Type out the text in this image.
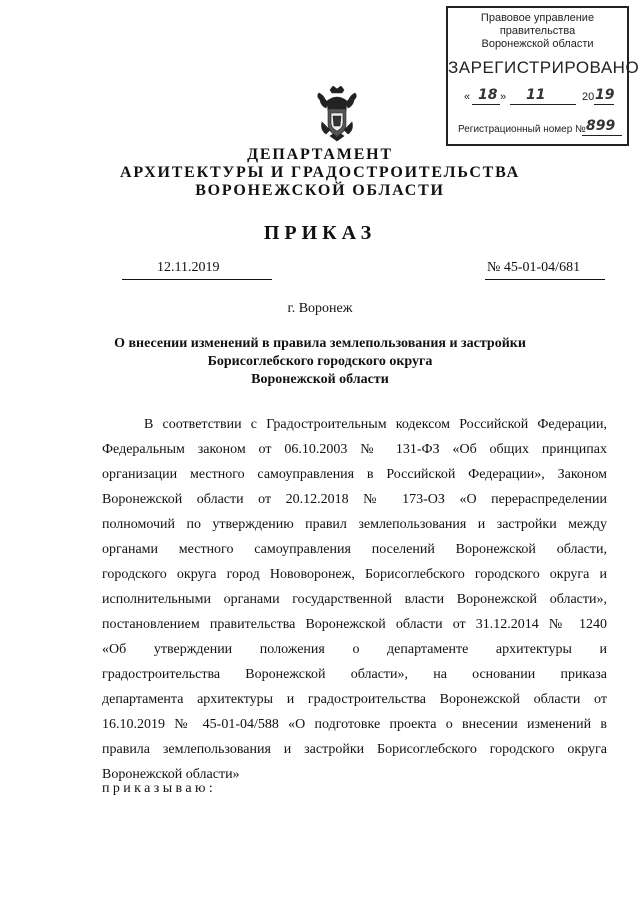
Правовое управление правительства
Воронежской области
ЗАРЕГИСТРИРОВАНО
« 18 » 11	20 19
Регистрационный номер № 899
ДЕПАРТАМЕНТ
АРХИТЕКТУРЫ И ГРАДОСТРОИТЕЛЬСТВА
ВОРОНЕЖСКОЙ ОБЛАСТИ
ПРИКАЗ
12.11.2019	№ 45-01-04/681
г. Воронеж
О внесении изменений в правила землепользования и застройки
Борисоглебского городского округа
Воронежской области
В соответствии с Градостроительным кодексом Российской Федерации,
Федеральным законом от 06.10.2003 № 131-ФЗ «Об общих принципах
организации местного самоуправления в Российской Федерации», Законом
Воронежской области от 20.12.2018 № 173-ОЗ «О перераспределении
полномочий по утверждению правил землепользования и застройки между
органами местного самоуправления поселений Воронежской области,
городского округа город Нововоронеж, Борисоглебского городского округа и
исполнительными органами государственной власти Воронежской области»,
постановлением правительства Воронежской области от 31.12.2014 № 1240
«Об утверждении положения о департаменте архитектуры и
градостроительства Воронежской области», на основании приказа
департамента архитектуры и градостроительства Воронежской области от
16.10.2019 № 45-01-04/588 «О подготовке проекта о внесении изменений в
правила землепользования и застройки Борисоглебского городского округа
Воронежской области»
приказываю:
